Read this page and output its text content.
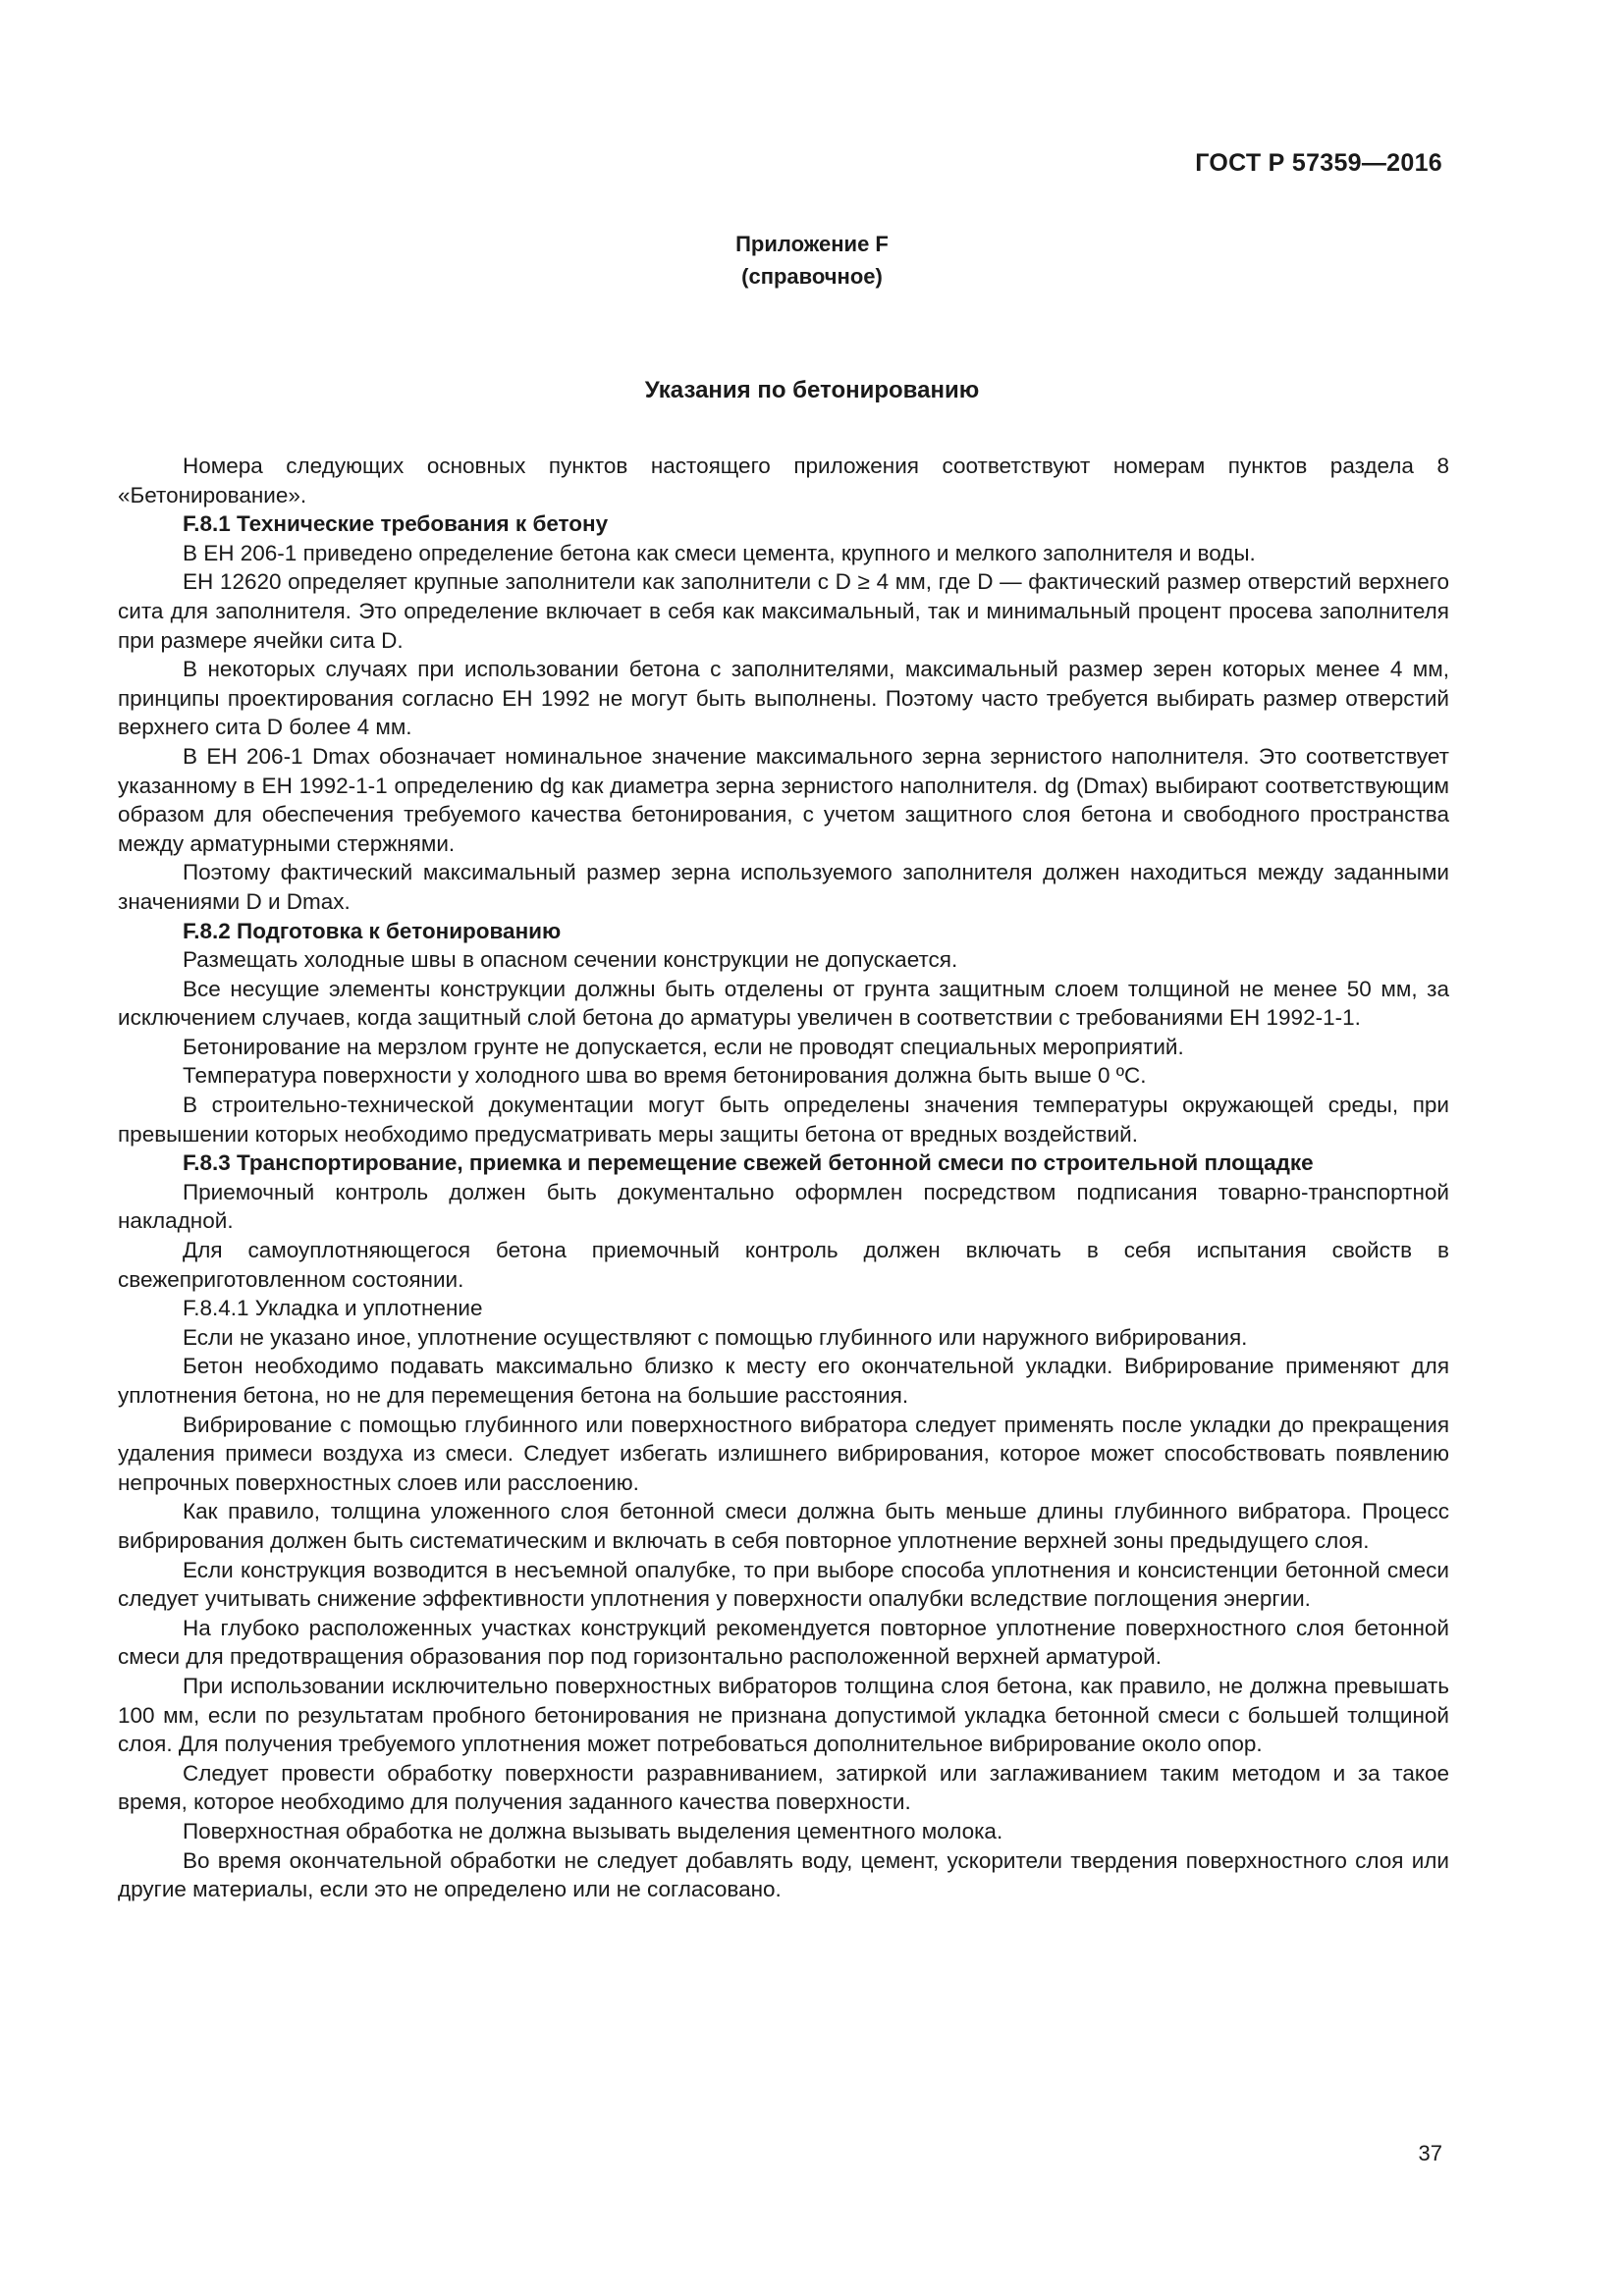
ГОСТ Р 57359—2016
Приложение F
(справочное)
Указания по бетонированию

Номера следующих основных пунктов настоящего приложения соответствуют номерам пунктов раздела 8 «Бетонирование».

F.8.1 Технические требования к бетону

В ЕН 206-1 приведено определение бетона как смеси цемента, крупного и мелкого заполнителя и воды.

ЕН 12620 определяет крупные заполнители как заполнители с D ≥ 4 мм, где D — фактический размер отверстий верхнего сита для заполнителя. Это определение включает в себя как максимальный, так и минимальный процент просева заполнителя при размере ячейки сита D.

В некоторых случаях при использовании бетона с заполнителями, максимальный размер зерен которых менее 4 мм, принципы проектирования согласно ЕН 1992 не могут быть выполнены. Поэтому часто требуется выбирать размер отверстий верхнего сита D более 4 мм.

В ЕН 206-1 Dmax обозначает номинальное значение максимального зерна зернистого наполнителя. Это соответствует указанному в ЕН 1992-1-1 определению dg как диаметра зерна зернистого наполнителя. dg (Dmax) выбирают соответствующим образом для обеспечения требуемого качества бетонирования, с учетом защитного слоя бетона и свободного пространства между арматурными стержнями.

Поэтому фактический максимальный размер зерна используемого заполнителя должен находиться между заданными значениями D и Dmax.

F.8.2 Подготовка к бетонированию

Размещать холодные швы в опасном сечении конструкции не допускается.

Все несущие элементы конструкции должны быть отделены от грунта защитным слоем толщиной не менее 50 мм, за исключением случаев, когда защитный слой бетона до арматуры увеличен в соответствии с требованиями ЕН 1992-1-1.

Бетонирование на мерзлом грунте не допускается, если не проводят специальных мероприятий.

Температура поверхности у холодного шва во время бетонирования должна быть выше 0 ºС.

В строительно-технической документации могут быть определены значения температуры окружающей среды, при превышении которых необходимо предусматривать меры защиты бетона от вредных воздействий.

F.8.3 Транспортирование, приемка и перемещение свежей бетонной смеси по строительной площадке

Приемочный контроль должен быть документально оформлен посредством подписания товарно-транспортной накладной.

Для самоуплотняющегося бетона приемочный контроль должен включать в себя испытания свойств в свежеприготовленном состоянии.

F.8.4.1 Укладка и уплотнение

Если не указано иное, уплотнение осуществляют с помощью глубинного или наружного вибрирования.

Бетон необходимо подавать максимально близко к месту его окончательной укладки. Вибрирование применяют для уплотнения бетона, но не для перемещения бетона на большие расстояния.

Вибрирование с помощью глубинного или поверхностного вибратора следует применять после укладки до прекращения удаления примеси воздуха из смеси. Следует избегать излишнего вибрирования, которое может способствовать появлению непрочных поверхностных слоев или расслоению.

Как правило, толщина уложенного слоя бетонной смеси должна быть меньше длины глубинного вибратора. Процесс вибрирования должен быть систематическим и включать в себя повторное уплотнение верхней зоны предыдущего слоя.

Если конструкция возводится в несъемной опалубке, то при выборе способа уплотнения и консистенции бетонной смеси следует учитывать снижение эффективности уплотнения у поверхности опалубки вследствие поглощения энергии.

На глубоко расположенных участках конструкций рекомендуется повторное уплотнение поверхностного слоя бетонной смеси для предотвращения образования пор под горизонтально расположенной верхней арматурой.

При использовании исключительно поверхностных вибраторов толщина слоя бетона, как правило, не должна превышать 100 мм, если по результатам пробного бетонирования не признана допустимой укладка бетонной смеси с большей толщиной слоя. Для получения требуемого уплотнения может потребоваться дополнительное вибрирование около опор.

Следует провести обработку поверхности разравниванием, затиркой или заглаживанием таким методом и за такое время, которое необходимо для получения заданного качества поверхности.

Поверхностная обработка не должна вызывать выделения цементного молока.

Во время окончательной обработки не следует добавлять воду, цемент, ускорители твердения поверхностного слоя или другие материалы, если это не определено или не согласовано.

37
